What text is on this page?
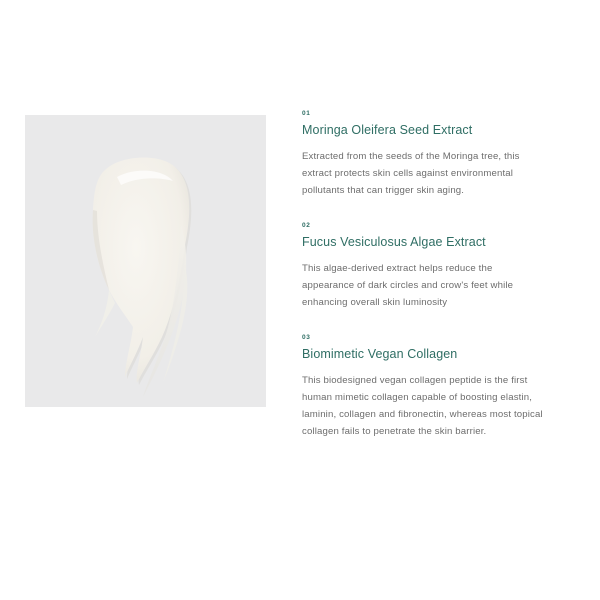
01
Moringa Oleifera Seed Extract
Extracted from the seeds of the Moringa tree, this
extract protects skin cells against environmental
pollutants that can trigger skin aging.
02
Fucus Vesiculosus Algae Extract
This algae-derived extract helps reduce the
appearance of dark circles and crow's feet while
enhancing overall skin luminosity
03
Biomimetic Vegan Collagen
This biodesigned vegan collagen peptide is the first
human mimetic collagen capable of boosting elastin,
laminin, collagen and fibronectin, whereas most topical
collagen fails to penetrate the skin barrier.
